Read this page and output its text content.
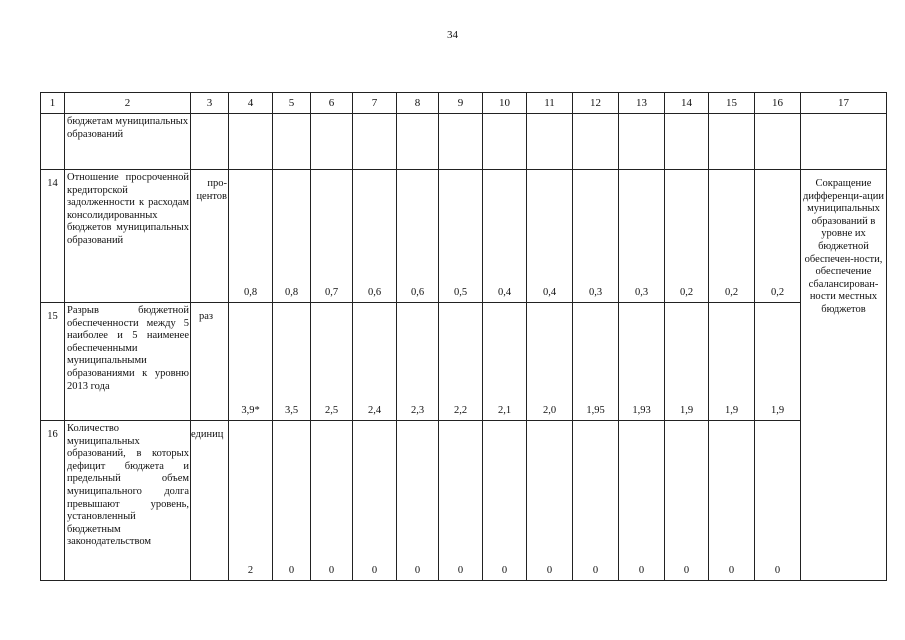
34
1	2	3	4	5	6	7	8	9	10	11	12	13	14	15	16	17
	бюджетам муниципальных образований															
14	Отношение просроченной кредиторской задолженности к расходам консолидированных бюджетов муниципальных образований	про-центов	0,8	0,8	0,7	0,6	0,6	0,5	0,4	0,4	0,3	0,3	0,2	0,2	0,2	Сокращение дифференци-ации муниципальных образований в уровне их бюджетной обеспечен-ности, обеспечение сбалансирован-ности местных бюджетов
15	Разрыв бюджетной обеспеченности между 5 наиболее и 5 наименее обеспеченными муниципальными образованиями к уровню 2013 года	раз	3,9*	3,5	2,5	2,4	2,3	2,2	2,1	2,0	1,95	1,93	1,9	1,9	1,9	
16	Количество муниципальных образований, в которых дефицит бюджета и предельный объем муниципального долга превышают уровень, установленный бюджетным законодательством	единиц	2	0	0	0	0	0	0	0	0	0	0	0	0	
